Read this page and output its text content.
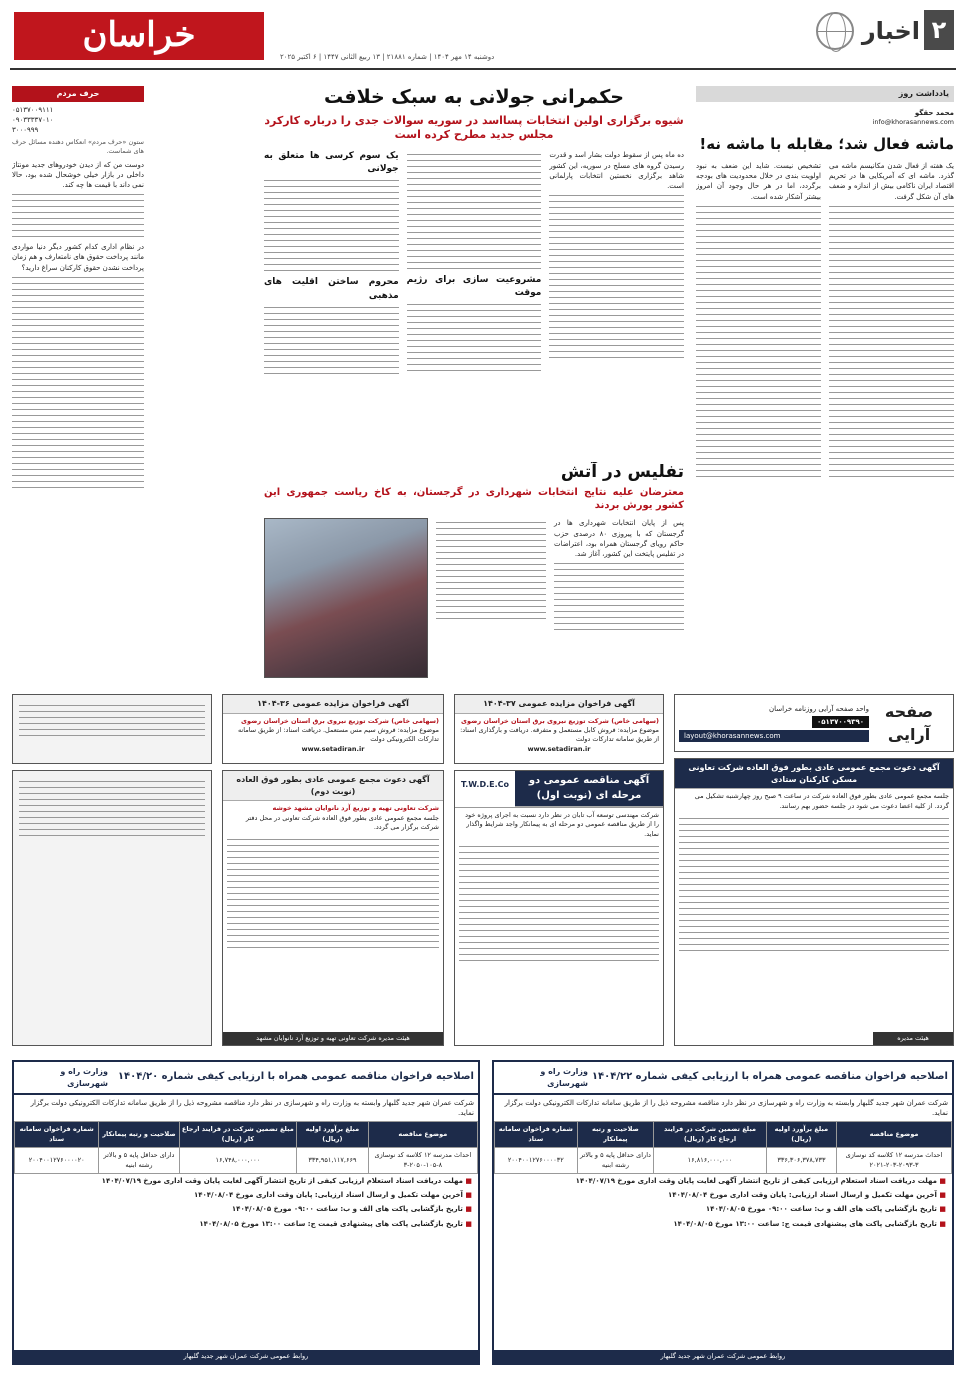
۲
اخبار
خراسان
دوشنبه ۱۴ مهر ۱۴۰۴ | شماره ۲۱۸۸۱ | ۱۳ ربیع الثانی ۱۴۴۷ | ۶ اکتبر ۲۰۲۵
یادداشت روز
محمد حقگو
info@khorasannews.com
ماشه فعال شد؛ مقابله با ماشه نه!

یک هفته از فعال شدن مکانیسم ماشه می گذرد. ماشه ای که آمریکایی ها در تحریم اقتصاد ایران ناکامی بیش از اندازه و ضعف های آن شکل گرفت.

تشخیص نیست. شاید این ضعف به نبود اولویت بندی در خلال محدودیت های بودجه برگردد، اما در هر حال وجود آن امروز بیشتر آشکار شده است.

حکمرانی جولانی به سبک خلافت
شیوه برگزاری اولین انتخابات پسااسد در سوریه سوالات جدی را درباره کارکرد مجلس جدید مطرح کرده است

ده ماه پس از سقوط دولت بشار اسد و قدرت رسیدن گروه های مسلح در سوریه، این کشور شاهد برگزاری نخستین انتخابات پارلمانی است.

مشروعیت سازی برای رژیم موقت
یک سوم کرسی ها متعلق به جولانی
محروم ساختن اقلیت های مذهبی
تفلیس در آتش
معترضان علیه نتایج انتخابات شهرداری در گرجستان، به کاخ ریاست جمهوری این کشور یورش بردند

پس از پایان انتخابات شهرداری ها در گرجستان که با پیروزی ۸۰ درصدی حزب حاکم رویای گرجستان همراه بود، اعتراضات در تفلیس پایتخت این کشور، آغاز شد.

حرف مردم
۰۵۱۳۷۰۰۹۱۱۱
۰۹۰۳۳۳۳۷۰۱۰
۳۰۰۰۹۹۹
ستون «حرف مردم» انعکاس دهنده مسائل حرف های شماست.

دوست من که از دیدن خودروهای جدید مونتاژ داخلی در بازار خیلی خوشحال شده بود، حالا نمی داند با قیمت ها چه کند.

در نظام اداری کدام کشور دیگر دنیا مواردی مانند پرداخت حقوق های نامتعارف و هم زمان پرداخت نشدن حقوق کارکنان سراغ دارید؟

صفحه آرایی
واحد صفحه آرایی روزنامه خراسان
۰۵۱۳۷۰۰۹۳۹۰
layout@khorasannews.com
آگهی فراخوان مزایده عمومی ۳۷-۱۴۰۴
(سهامی خاص) شرکت توزیع نیروی برق استان خراسان رضوی
موضوع مزایده: فروش کابل مستعمل و متفرقه. دریافت و بارگذاری اسناد: از طریق سامانه تدارکات دولت
www.setadiran.ir
آگهی فراخوان مزایده عمومی ۳۶-۱۴۰۴
(سهامی خاص) شرکت توزیع نیروی برق استان خراسان رضوی
موضوع مزایده: فروش سیم مس مستعمل. دریافت اسناد: از طریق سامانه تدارکات الکترونیکی دولت
www.setadiran.ir
آگهی دعوت مجمع عمومی عادی بطور فوق العاده شرکت تعاونی مسکن کارکنان ستادی
جلسه مجمع عمومی عادی بطور فوق العاده شرکت در ساعت ۹ صبح روز چهارشنبه تشکیل می گردد. از کلیه اعضا دعوت می شود در جلسه حضور بهم رسانند.
هیئت مدیره
آگهی مناقصه عمومی دو مرحله ای (نوبت اول)
T.W.D.E.Co
شرکت مهندسی توسعه آب تابان در نظر دارد نسبت به اجرای پروژه خود را از طریق مناقصه عمومی دو مرحله ای به پیمانکار واجد شرایط واگذار نماید.
آگهی دعوت مجمع عمومی عادی بطور فوق العاده (نوبت دوم)
شرکت تعاونی تهیه و توزیع آرد نانوایان مشهد خوشه
جلسه مجمع عمومی عادی بطور فوق العاده شرکت تعاونی در محل دفتر شرکت برگزار می گردد.
هیئت مدیره شرکت تعاونی تهیه و توزیع آرد نانوایان مشهد
اصلاحیه فراخوان مناقصه عمومی همراه با ارزیابی کیفی شماره ۱۴۰۴/۲۲
وزارت راه و شهرسازی
شرکت عمران شهر جدید گلبهار وابسته به وزارت راه و شهرسازی در نظر دارد مناقصه مشروحه ذیل را از طریق سامانه تدارکات الکترونیکی دولت برگزار نماید.
موضوع مناقصه	مبلغ برآورد اولیه (ریال)	مبلغ تضمین شرکت در فرایند ارجاع کار (ریال)	صلاحیت و رتبه پیمانکار	شماره فراخوان سامانه ستاد
احداث مدرسه ۱۲ کلاسه کد نوسازی ۳-۲۰۹۳-۲۰۳-۲۰۲۱	۳۳۶,۳۰۶,۳۷۸,۷۳۳	۱۶,۸۱۶,۰۰۰,۰۰۰	دارای حداقل پایه ۵ و بالاتر رشته ابنیه	۲۰۰۴۰۰۱۲۷۶۰۰۰۰۳۲
■ مهلت دریافت اسناد استعلام ارزیابی کیفی از تاریخ انتشار آگهی لغایت پایان وقت اداری مورخ ۱۴۰۴/۰۷/۱۹
■ آخرین مهلت تکمیل و ارسال اسناد ارزیابی: پایان وقت اداری مورخ ۱۴۰۴/۰۸/۰۴
■ تاریخ بازگشایی پاکت های الف و ب: ساعت ۰۹:۰۰ مورخ ۱۴۰۴/۰۸/۰۵
■ تاریخ بازگشایی پاکت های پیشنهادی قیمت ج: ساعت ۱۳:۰۰ مورخ ۱۴۰۴/۰۸/۰۵
روابط عمومی شرکت عمران شهر جدید گلبهار
اصلاحیه فراخوان مناقصه عمومی همراه با ارزیابی کیفی شماره ۱۴۰۴/۲۰
وزارت راه و شهرسازی
شرکت عمران شهر جدید گلبهار وابسته به وزارت راه و شهرسازی در نظر دارد مناقصه مشروحه ذیل را از طریق سامانه تدارکات الکترونیکی دولت برگزار نماید.
موضوع مناقصه	مبلغ برآورد اولیه (ریال)	مبلغ تضمین شرکت در فرایند ارجاع کار (ریال)	صلاحیت و رتبه پیمانکار	شماره فراخوان سامانه ستاد
احداث مدرسه ۱۲ کلاسه کد نوسازی ۸-۱۰۵-۲۰۵۰-۳	۳۳۴,۹۵۱,۱۱۷,۶۶۹	۱۶,۷۴۸,۰۰۰,۰۰۰	دارای حداقل پایه ۵ و بالاتر رشته ابنیه	۲۰۰۴۰۰۱۲۷۶۰۰۰۰۲۰
■ مهلت دریافت اسناد استعلام ارزیابی کیفی از تاریخ انتشار آگهی لغایت پایان وقت اداری مورخ ۱۴۰۴/۰۷/۱۹
■ آخرین مهلت تکمیل و ارسال اسناد ارزیابی: پایان وقت اداری مورخ ۱۴۰۴/۰۸/۰۴
■ تاریخ بازگشایی پاکت های الف و ب: ساعت ۰۹:۰۰ مورخ ۱۴۰۴/۰۸/۰۵
■ تاریخ بازگشایی پاکت های پیشنهادی قیمت ج: ساعت ۱۳:۰۰ مورخ ۱۴۰۴/۰۸/۰۵
روابط عمومی شرکت عمران شهر جدید گلبهار
